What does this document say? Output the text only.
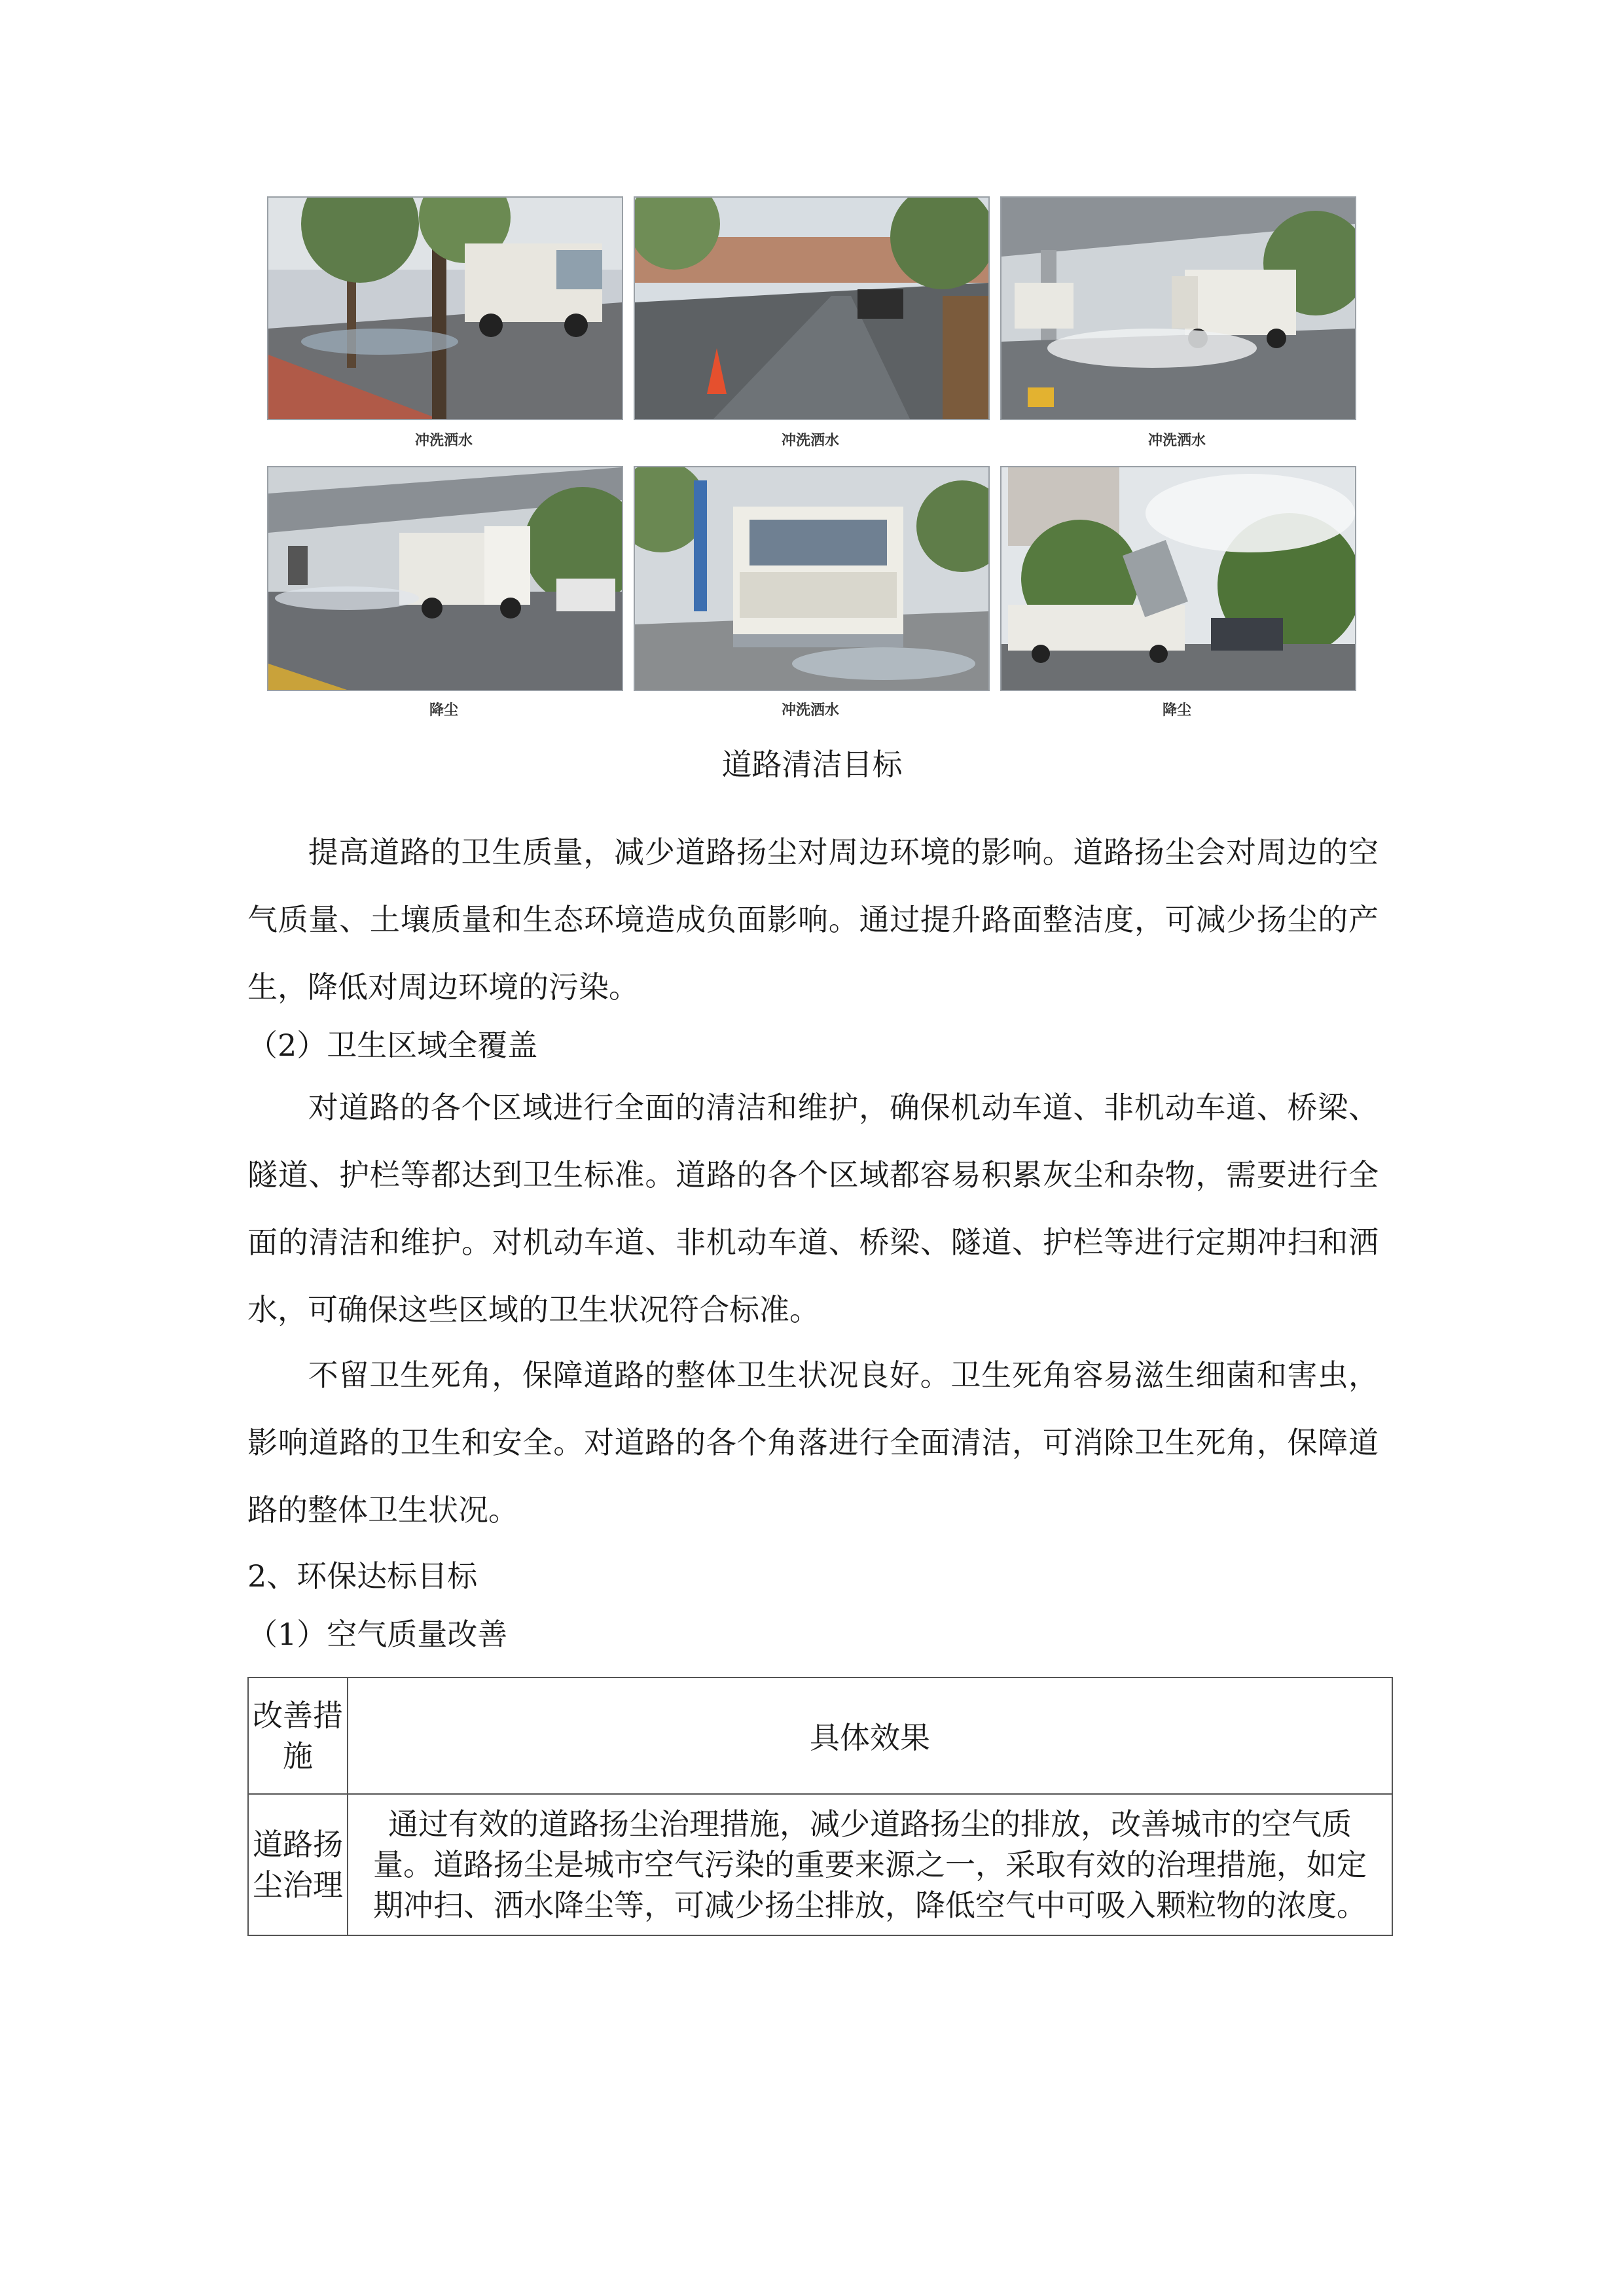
冲洗洒水	冲洗洒水	冲洗洒水
降尘	冲洗洒水	降尘
道路清洁目标
提高道路的卫生质量，减少道路扬尘对周边环境的影响。道路扬尘会对周边的空气质量、土壤质量和生态环境造成负面影响。通过提升路面整洁度，可减少扬尘的产生，降低对周边环境的污染。
（2）卫生区域全覆盖
对道路的各个区域进行全面的清洁和维护，确保机动车道、非机动车道、桥梁、隧道、护栏等都达到卫生标准。道路的各个区域都容易积累灰尘和杂物，需要进行全面的清洁和维护。对机动车道、非机动车道、桥梁、隧道、护栏等进行定期冲扫和洒水，可确保这些区域的卫生状况符合标准。
不留卫生死角，保障道路的整体卫生状况良好。卫生死角容易滋生细菌和害虫，影响道路的卫生和安全。对道路的各个角落进行全面清洁，可消除卫生死角，保障道路的整体卫生状况。
2、环保达标目标
（1）空气质量改善
改善措施	具体效果
道路扬尘治理	通过有效的道路扬尘治理措施，减少道路扬尘的排放，改善城市的空气质量。道路扬尘是城市空气污染的重要来源之一，采取有效的治理措施，如定期冲扫、洒水降尘等，可减少扬尘排放，降低空气中可吸入颗粒物的浓度。
